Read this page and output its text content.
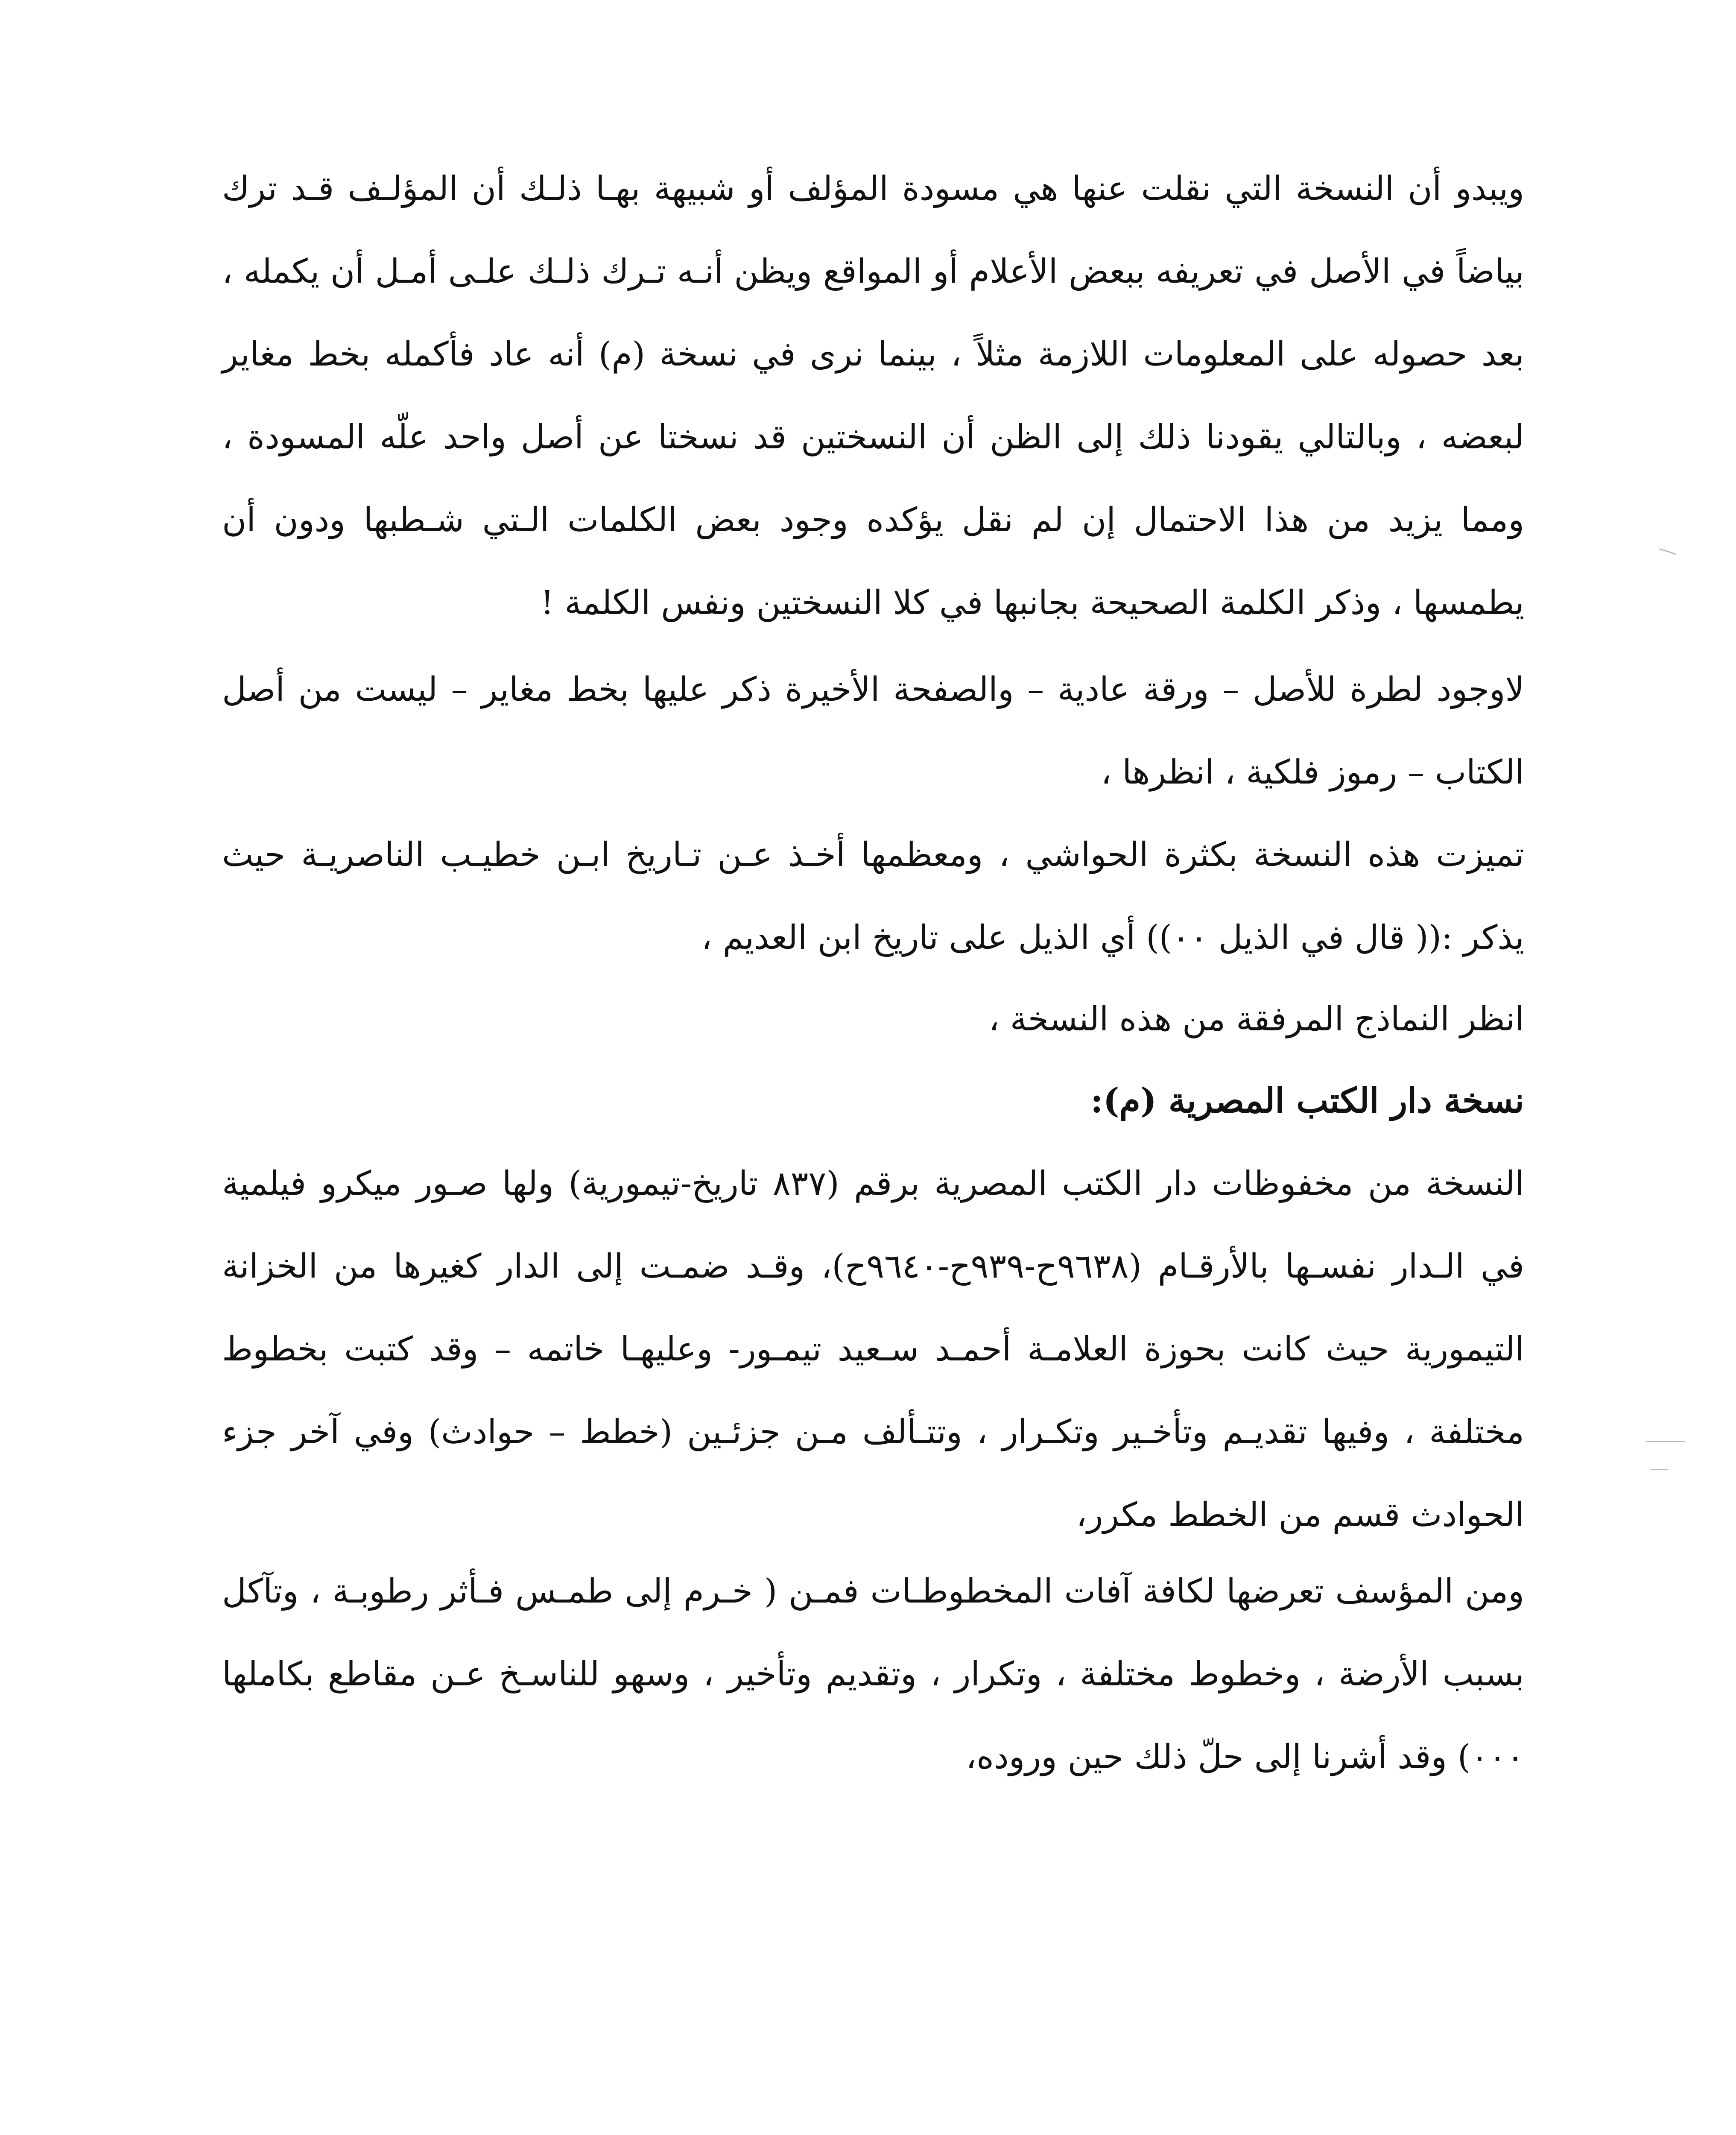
ويبدو أن النسخة التي نقلت عنها هي مسودة المؤلف أو شبيهة بهـا ذلـك أن المؤلـف قـد ترك بياضاً في الأصل في تعريفه ببعض الأعلام أو المواقع ويظن أنـه تـرك ذلـك علـى أمـل أن يكمله ، بعد حصوله على المعلومات اللازمة مثلاً ، بينما نرى في نسخة (م) أنه عاد فأكمله بخط مغاير لبعضه ، وبالتالي يقودنا ذلك إلى الظن أن النسختين قد نسختا عن أصل واحد علّه المسودة ، ومما يزيد من هذا الاحتمال إن لم نقل يؤكده وجود بعض الكلمات الـتي شـطبها ودون أن يطمسها ، وذكر الكلمة الصحيحة بجانبها في كلا النسختين ونفس الكلمة !

لاوجود لطرة للأصل – ورقة عادية – والصفحة الأخيرة ذكر عليها بخط مغاير – ليست من أصل الكتاب – رموز فلكية ، انظرها ،

تميزت هذه النسخة بكثرة الحواشي ، ومعظمها أخـذ عـن تـاريخ ابـن خطيـب الناصريـة حيث يذكر :(( قال في الذيل ٠٠)) أي الذيل على تاريخ ابن العديم ،

انظر النماذج المرفقة من هذه النسخة ،

نسخة دار الكتب المصرية (م):

النسخة من مخفوظات دار الكتب المصرية برقم (٨٣٧ تاريخ-تيمورية) ولها صـور ميكرو فيلمية في الـدار نفسـها بالأرقـام (٩٦٣٨ح-٩٣٩ح-٩٦٤٠ح)، وقـد ضمـت إلى الدار كغيرها من الخزانة التيمورية حيث كانت بحوزة العلامـة أحمـد سـعيد تيمـور- وعليهـا خاتمه – وقد كتبت بخطوط مختلفة ، وفيها تقديـم وتأخـير وتكـرار ، وتتـألف مـن جزئـين (خطط – حوادث) وفي آخر جزء الحوادث قسم من الخطط مكرر،

ومن المؤسف تعرضها لكافة آفات المخطوطـات فمـن ( خـرم إلى طمـس فـأثر رطوبـة ، وتآكل بسبب الأرضة ، وخطوط مختلفة ، وتكرار ، وتقديم وتأخير ، وسهو للناسـخ عـن مقاطع بكاملها ٠٠٠) وقد أشرنا إلى حلّ ذلك حين وروده،
